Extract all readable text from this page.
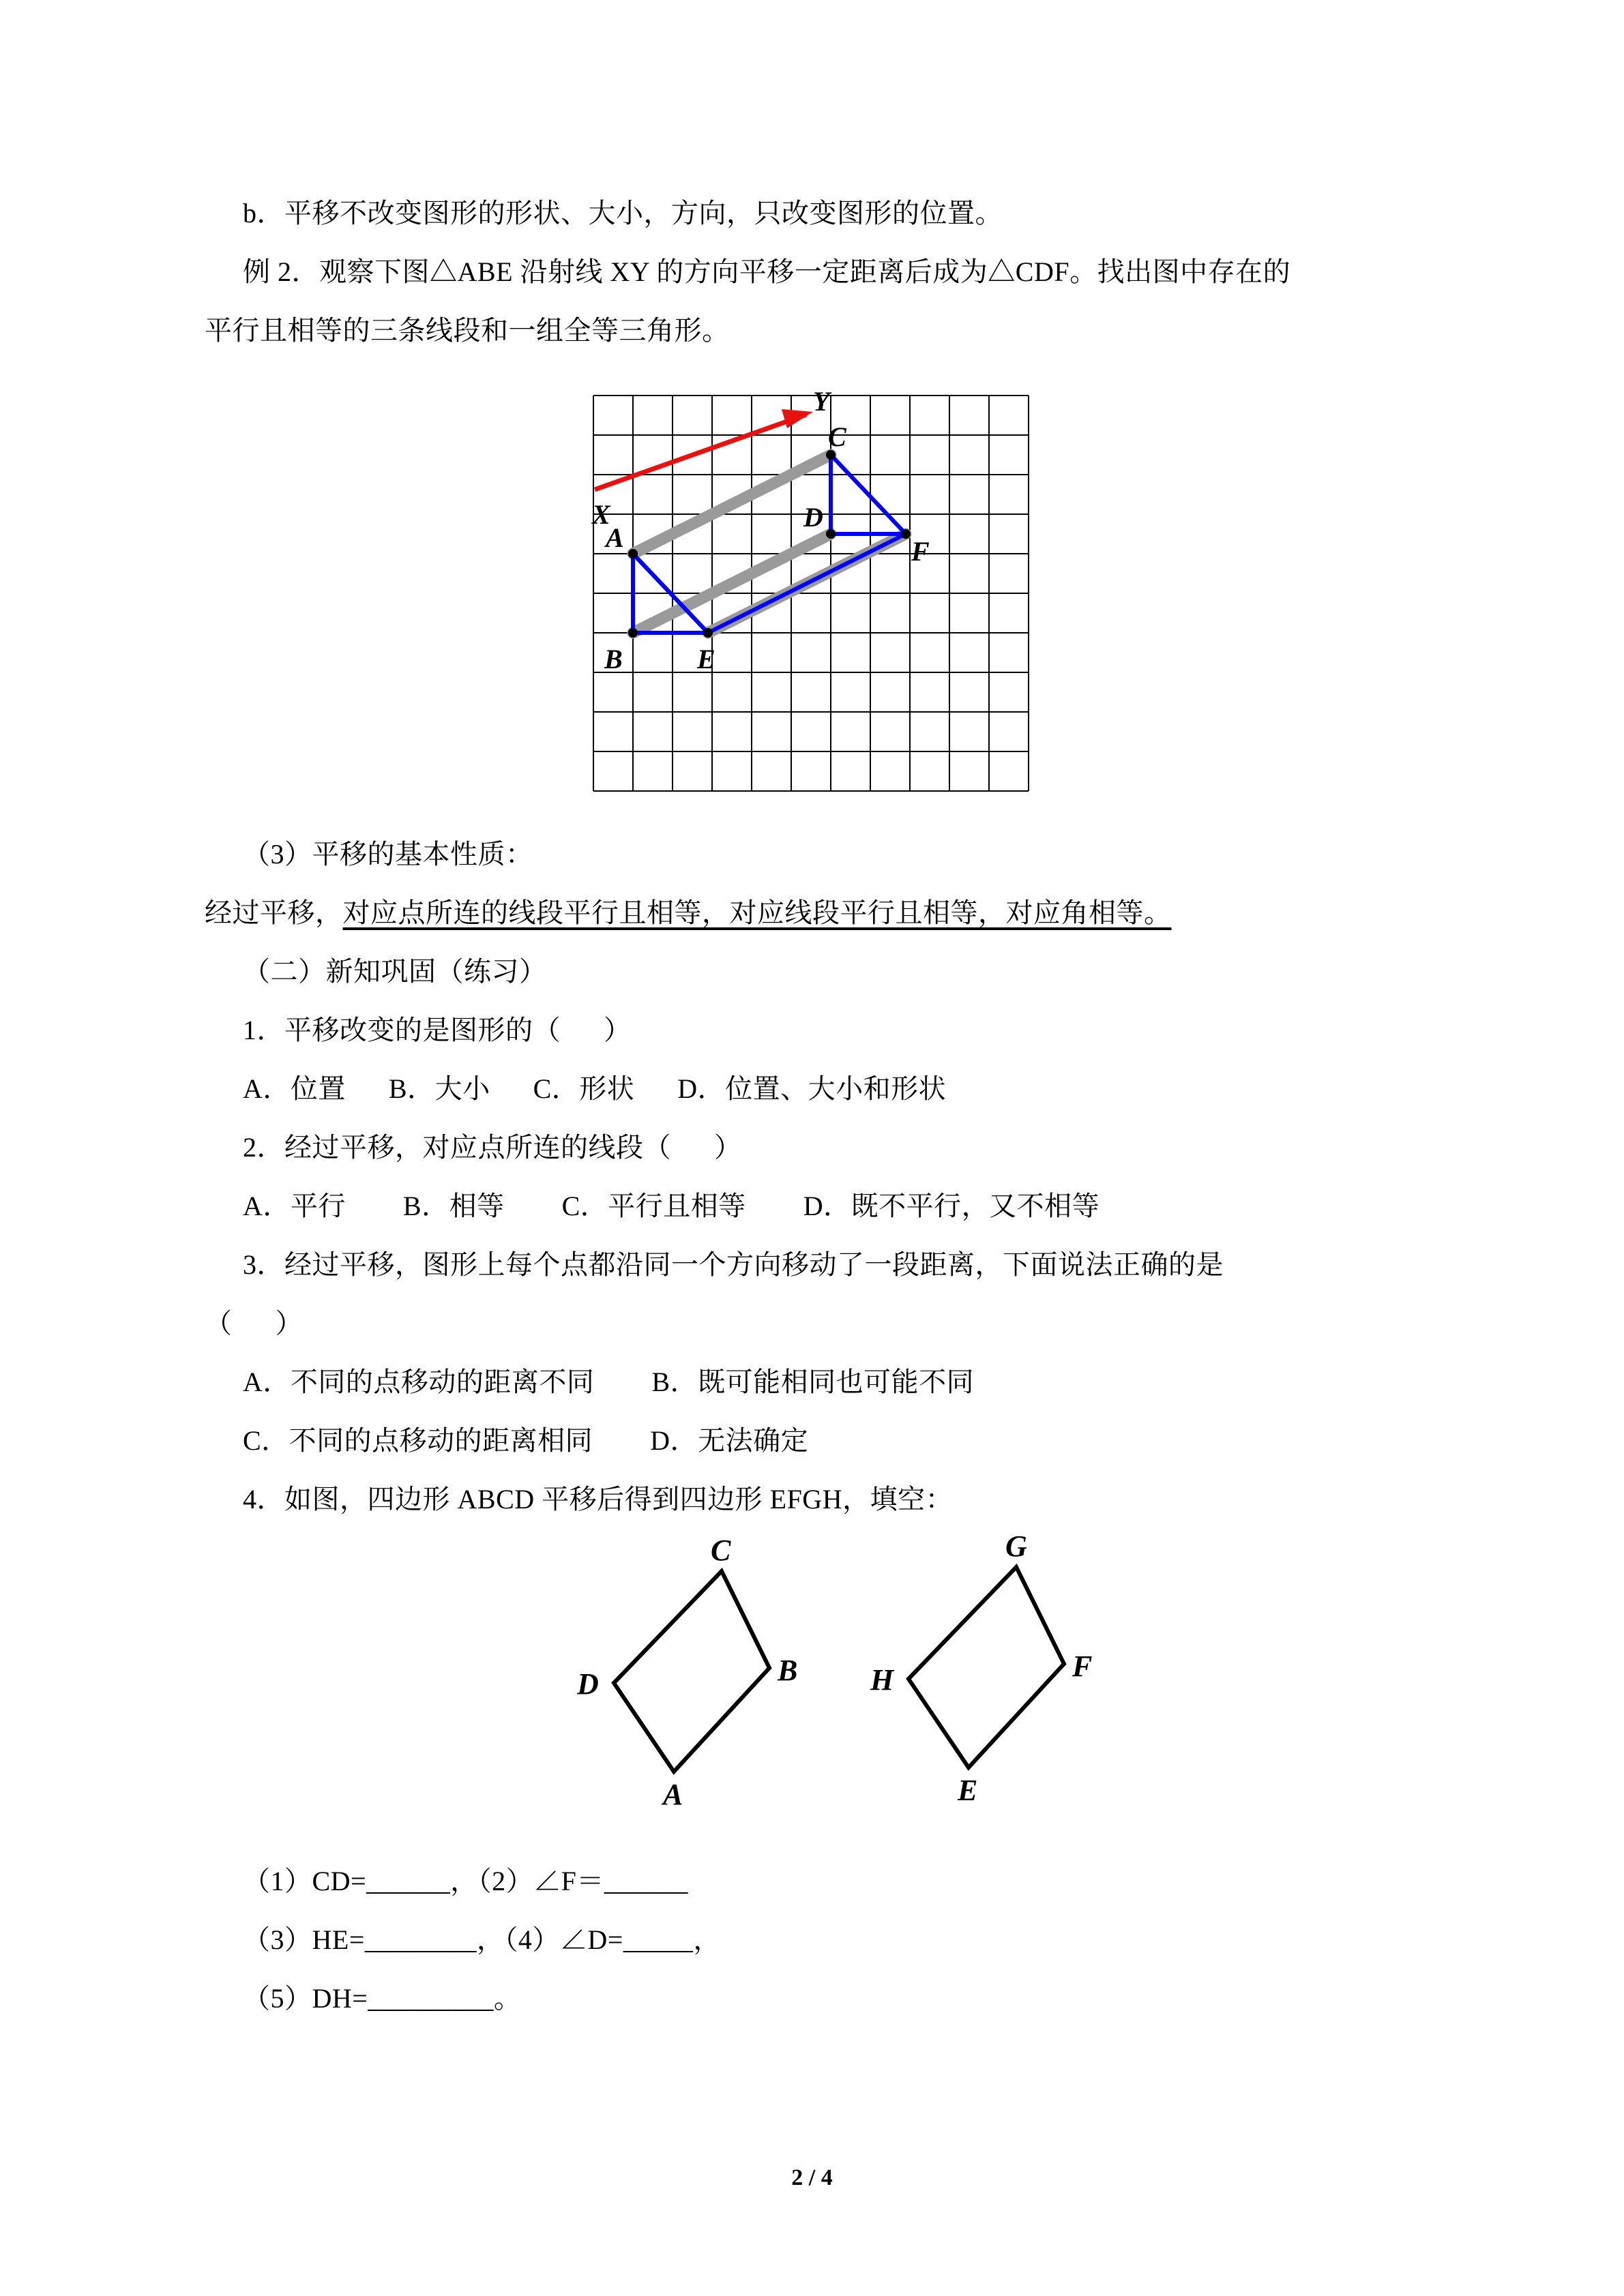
b．平移不改变图形的形状、大小，方向，只改变图形的位置。

例 2．观察下图△ABE 沿射线 XY 的方向平移一定距离后成为△CDF。找出图中存在的

平行且相等的三条线段和一组全等三角形。

X
Y
A
B
C
D
E
F

（3）平移的基本性质：

经过平移，对应点所连的线段平行且相等，对应线段平行且相等，对应角相等。

（二）新知巩固（练习）

1．平移改变的是图形的（      ）

A．位置      B．大小      C．形状      D．位置、大小和形状

2．经过平移，对应点所连的线段（      ）

A．平行        B．相等        C．平行且相等        D．既不平行，又不相等

3．经过平移，图形上每个点都沿同一个方向移动了一段距离，下面说法正确的是

（      ）

A．不同的点移动的距离不同        B．既可能相同也可能不同

C．不同的点移动的距离相同        D．无法确定

4．如图，四边形 ABCD 平移后得到四边形 EFGH，填空：

C
D	B
A
G
H	F
E

（1）CD=______，（2）∠F＝______

（3）HE=________，（4）∠D=_____，

（5）DH=_________。

2 / 4
